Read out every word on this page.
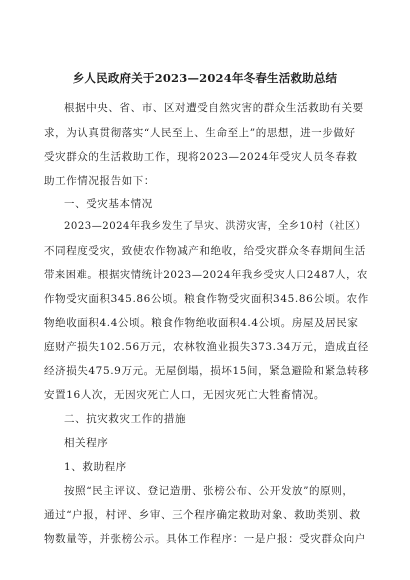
乡人民政府关于2023—2024年冬春生活救助总结
根据中央、省、市、区对遭受自然灾害的群众生活救助有关要
求，为认真贯彻落实“人民至上、生命至上”的思想，进一步做好
受灾群众的生活救助工作，现将2023—2024年受灾人员冬春救
助工作情况报告如下：
一、受灾基本情况
2023—2024年我乡发生了旱灾、洪涝灾害，全乡10村（社区）
不同程度受灾，致使农作物减产和绝收，给受灾群众冬春期间生活
带来困难。根据灾情统计2023—2024年我乡受灾人口2487人，农
作物受灾面积345.86公顷。粮食作物受灾面积345.86公顷。农作
物绝收面积4.4公顷。粮食作物绝收面积4.4公顷。房屋及居民家
庭财产损失102.56万元，农林牧渔业损失373.34万元，造成直径
经济损失475.9万元。无屋倒塌，损坏15间，紧急避险和紧急转移
安置16人次，无因灾死亡人口，无因灾死亡大牲畜情况。
二、抗灾救灾工作的措施
相关程序
1、救助程序
按照“民主评议、登记造册、张榜公布、公开发放”的原则，
通过“户报，村评、乡审、三个程序确定救助对象、救助类别、救
物数量等，并张榜公示。具体工作程序：一是户报：受灾群众向户
